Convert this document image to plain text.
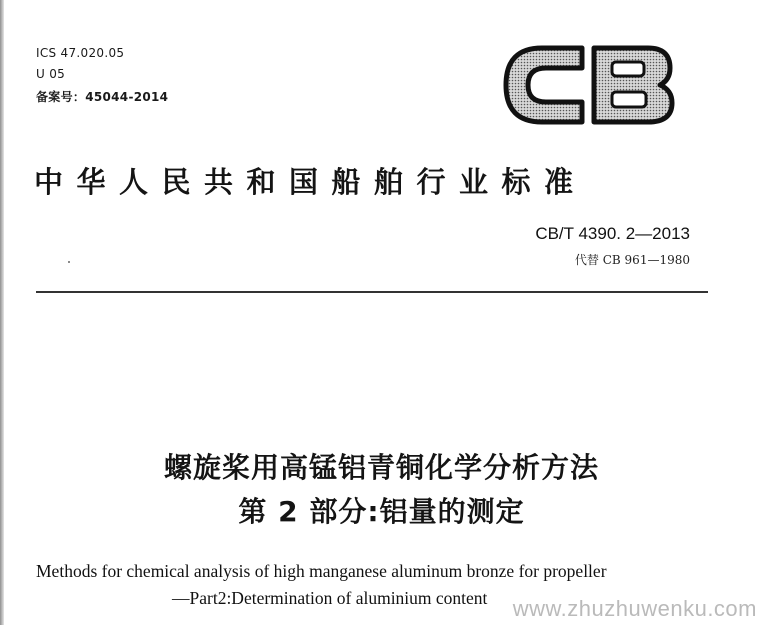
ICS 47.020.05
U 05
备案号：45044-2014
中华人民共和国船舶行业标准
CB/T 4390. 2—2013
代替 CB 961—1980
螺旋桨用高锰铝青铜化学分析方法
第 2 部分:铝量的测定
Methods for chemical analysis of high manganese aluminum bronze for propeller
—Part2:Determination of aluminium content www.zhuzhuwenku.com
